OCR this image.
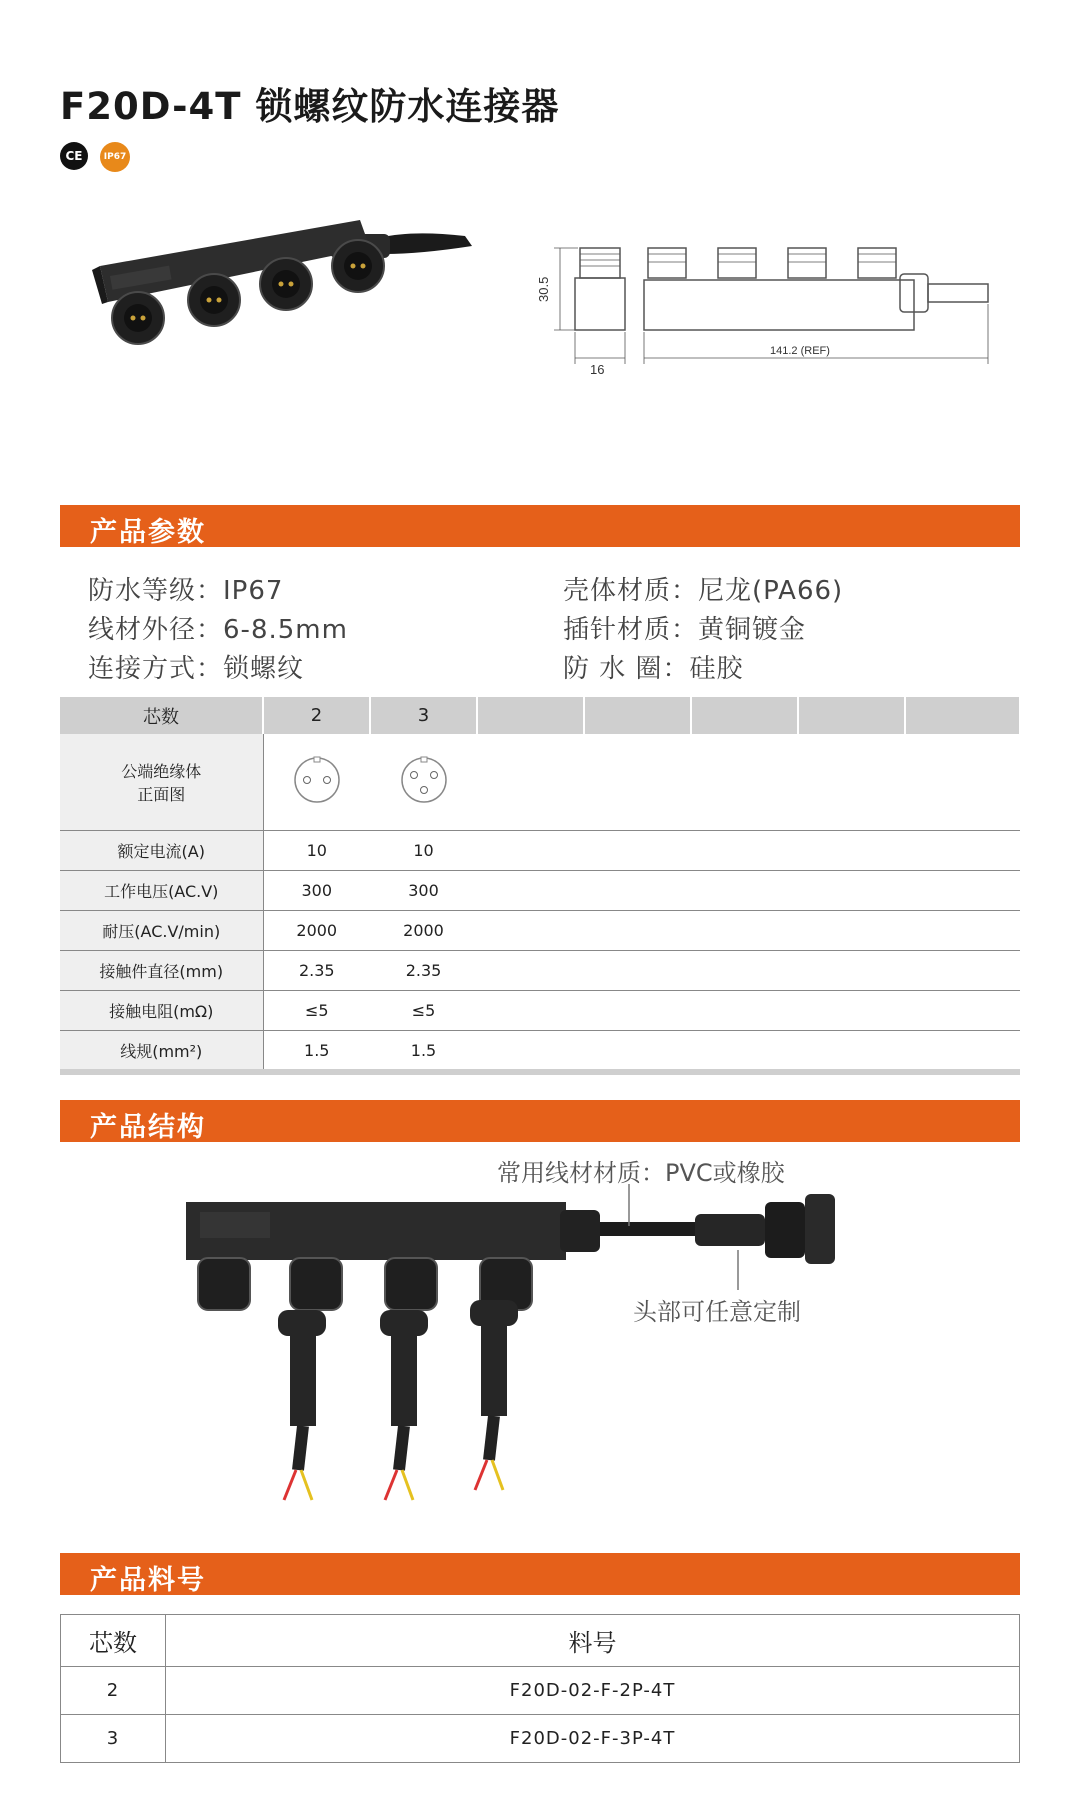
F20D-4T 锁螺纹防水连接器
CE	IP67
30.5
16
141.2 (REF)
产品参数
防水等级：IP67
线材外径：6-8.5mm
连接方式：锁螺纹
壳体材质：尼龙(PA66)
插针材质：黄铜镀金
防 水 圈：硅胶
芯数	2	3					
公端绝缘体
正面图							
额定电流(A)	10	10					
工作电压(AC.V)	300	300					
耐压(AC.V/min)	2000	2000					
接触件直径(mm)	2.35	2.35					
接触电阻(mΩ)	≤5	≤5					
线规(mm²)	1.5	1.5					
产品结构
常用线材材质：PVC或橡胶
头部可任意定制
产品料号
芯数	料号
2	F20D-02-F-2P-4T
3	F20D-02-F-3P-4T
